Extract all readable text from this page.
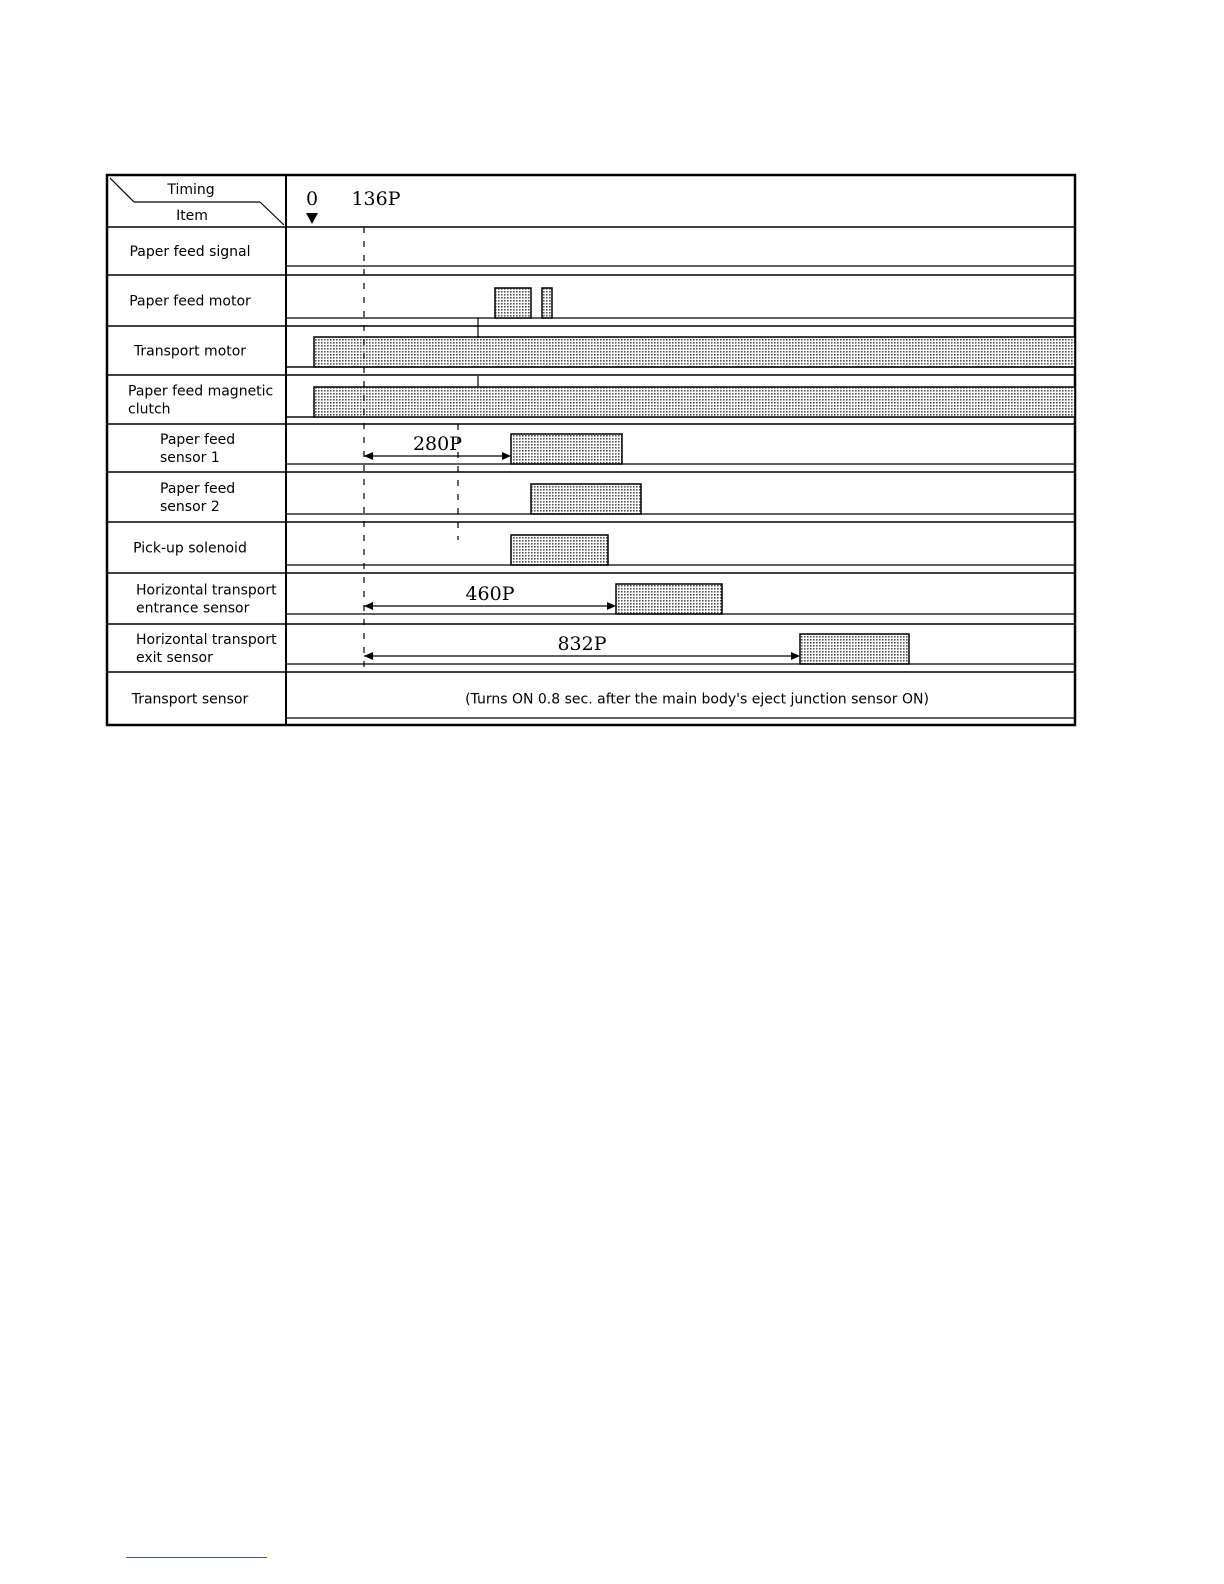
Timing
Item
0 136P
Paper feed signal
Paper feed motor
Transport motor
Paper feed magnetic
clutch
Paper feed
sensor 1
280P
Paper feed
sensor 2
Pick-up solenoid
Horizontal transport
entrance sensor
460P
Horizontal transport
exit sensor
832P
Transport sensor	(Turns ON 0.8 sec. after the main body's eject junction sensor ON)
